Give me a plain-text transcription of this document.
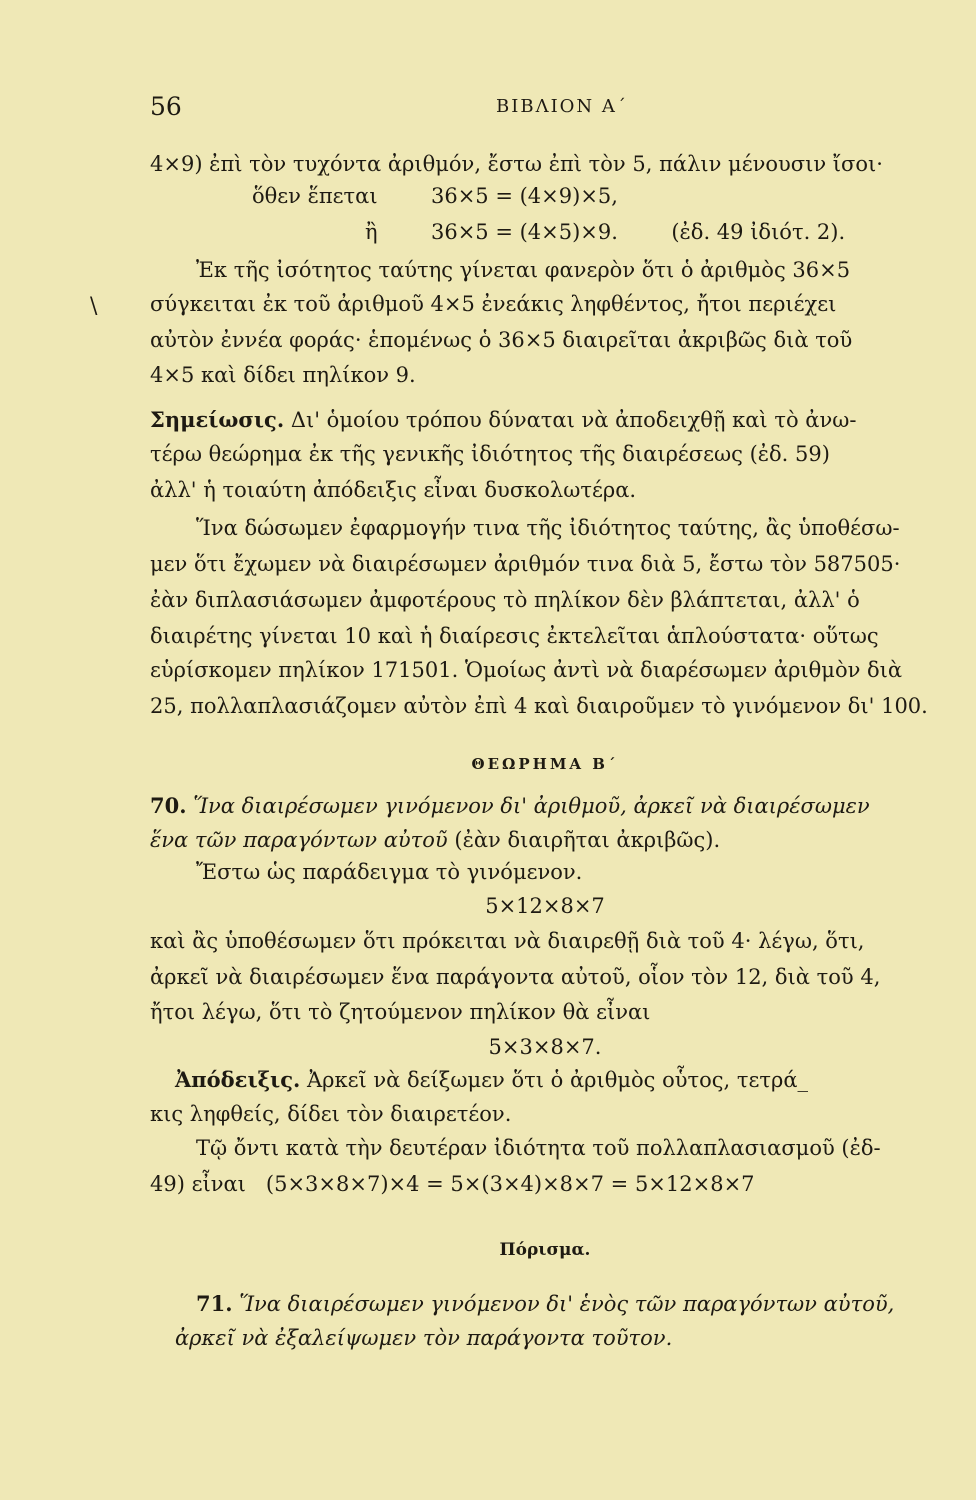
56	ΒΙΒΛΙΟΝ Α΄
\
4×9) ἐπὶ τὸν τυχόντα ἀριθμόν, ἔστω ἐπὶ τὸν 5, πάλιν μένουσιν ἴσοι·
ὅθεν ἕπεται        36×5 = (4×9)×5,
ἢ        36×5 = (4×5)×9.        (ἐδ. 49 ἰδιότ. 2).
Ἐκ τῆς ἰσότητος ταύτης γίνεται φανερὸν ὅτι ὁ ἀριθμὸς 36×5
σύγκειται ἐκ τοῦ ἀριθμοῦ 4×5 ἐνεάκις ληφθέντος, ἤτοι περιέχει
αὐτὸν ἐννέα φοράς· ἑπομένως ὁ 36×5 διαιρεῖται ἀκριβῶς διὰ τοῦ
4×5 καὶ δίδει πηλίκον 9.
Σημείωσις. Δι' ὁμοίου τρόπου δύναται νὰ ἀποδειχθῇ καὶ τὸ ἀνω-
τέρω θεώρημα ἐκ τῆς γενικῆς ἰδιότητος τῆς διαιρέσεως (ἐδ. 59)
ἀλλ' ἡ τοιαύτη ἀπόδειξις εἶναι δυσκολωτέρα.
Ἵνα δώσωμεν ἐφαρμογήν τινα τῆς ἰδιότητος ταύτης, ἂς ὑποθέσω-
μεν ὅτι ἔχωμεν νὰ διαιρέσωμεν ἀριθμόν τινα διὰ 5, ἔστω τὸν 587505·
ἐὰν διπλασιάσωμεν ἀμφοτέρους τὸ πηλίκον δὲν βλάπτεται, ἀλλ' ὁ
διαιρέτης γίνεται 10 καὶ ἡ διαίρεσις ἐκτελεῖται ἁπλούστατα· οὕτως
εὑρίσκομεν πηλίκον 171501. Ὁμοίως ἀντὶ νὰ διαρέσωμεν ἀριθμὸν διὰ
25, πολλαπλασιάζομεν αὐτὸν ἐπὶ 4 καὶ διαιροῦμεν τὸ γινόμενον δι' 100.
ΘΕΩΡΗΜΑ Β΄
70. Ἵνα διαιρέσωμεν γινόμενον δι' ἀριθμοῦ, ἀρκεῖ νὰ διαιρέσωμεν
ἕνα τῶν παραγόντων αὐτοῦ (ἐὰν διαιρῆται ἀκριβῶς).
Ἔστω ὡς παράδειγμα τὸ γινόμενον.
5×12×8×7
καὶ ἂς ὑποθέσωμεν ὅτι πρόκειται νὰ διαιρεθῇ διὰ τοῦ 4· λέγω, ὅτι,
ἀρκεῖ νὰ διαιρέσωμεν ἕνα παράγοντα αὐτοῦ, οἷον τὸν 12, διὰ τοῦ 4,
ἤτοι λέγω, ὅτι τὸ ζητούμενον πηλίκον θὰ εἶναι
5×3×8×7.
Ἀπόδειξις. Ἀρκεῖ νὰ δείξωμεν ὅτι ὁ ἀριθμὸς οὗτος, τετρά_
κις ληφθείς, δίδει τὸν διαιρετέον.
Τῷ ὄντι κατὰ τὴν δευτέραν ἰδιότητα τοῦ πολλαπλασιασμοῦ (ἐδ-
49) εἶναι   (5×3×8×7)×4 = 5×(3×4)×8×7 = 5×12×8×7
Πόρισμα.
71. Ἵνα διαιρέσωμεν γινόμενον δι' ἑνὸς τῶν παραγόντων αὐτοῦ,
ἀρκεῖ νὰ ἐξαλείψωμεν τὸν παράγοντα τοῦτον.
